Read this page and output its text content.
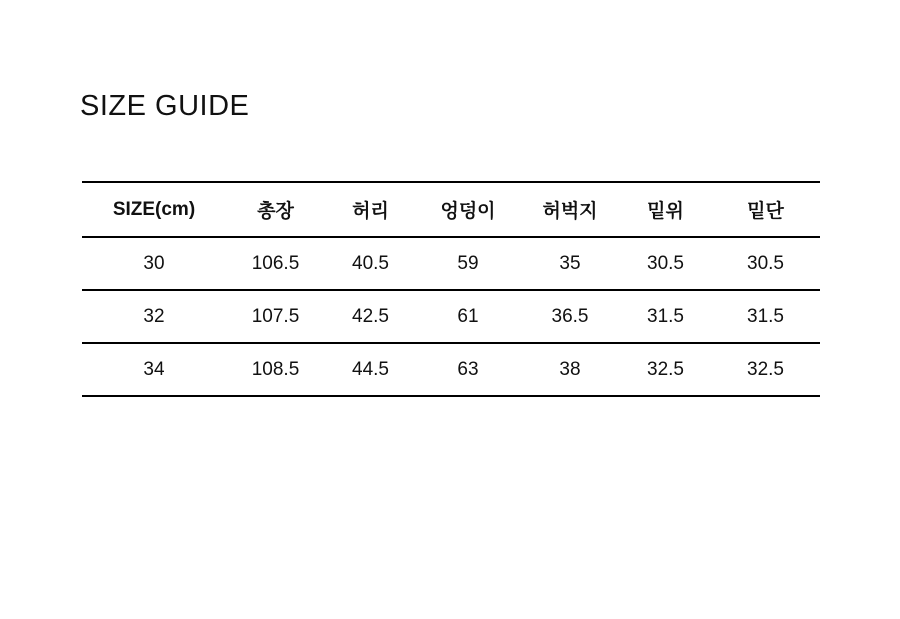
SIZE GUIDE
SIZE(cm)	총장	허리	엉덩이	허벅지	밑위	밑단
30	106.5	40.5	59	35	30.5	30.5
32	107.5	42.5	61	36.5	31.5	31.5
34	108.5	44.5	63	38	32.5	32.5
